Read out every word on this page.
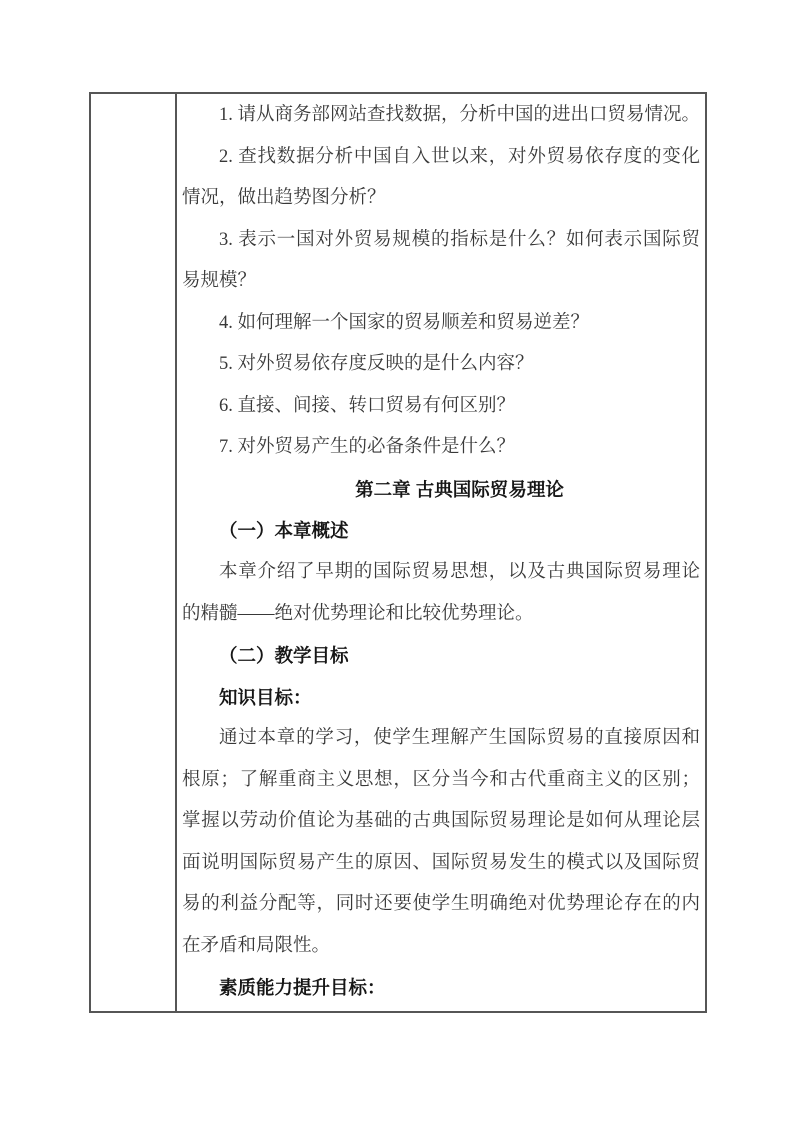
1. 请从商务部网站查找数据，分析中国的进出口贸易情况。
2. 查找数据分析中国自入世以来，对外贸易依存度的变化
情况，做出趋势图分析？
3. 表示一国对外贸易规模的指标是什么？如何表示国际贸
易规模？
4. 如何理解一个国家的贸易顺差和贸易逆差？
5. 对外贸易依存度反映的是什么内容？
6. 直接、间接、转口贸易有何区别？
7. 对外贸易产生的必备条件是什么？
第二章 古典国际贸易理论
（一）本章概述
本章介绍了早期的国际贸易思想，以及古典国际贸易理论
的精髓——绝对优势理论和比较优势理论。
（二）教学目标
知识目标：
通过本章的学习，使学生理解产生国际贸易的直接原因和
根原；了解重商主义思想，区分当今和古代重商主义的区别；
掌握以劳动价值论为基础的古典国际贸易理论是如何从理论层
面说明国际贸易产生的原因、国际贸易发生的模式以及国际贸
易的利益分配等，同时还要使学生明确绝对优势理论存在的内
在矛盾和局限性。
素质能力提升目标：
